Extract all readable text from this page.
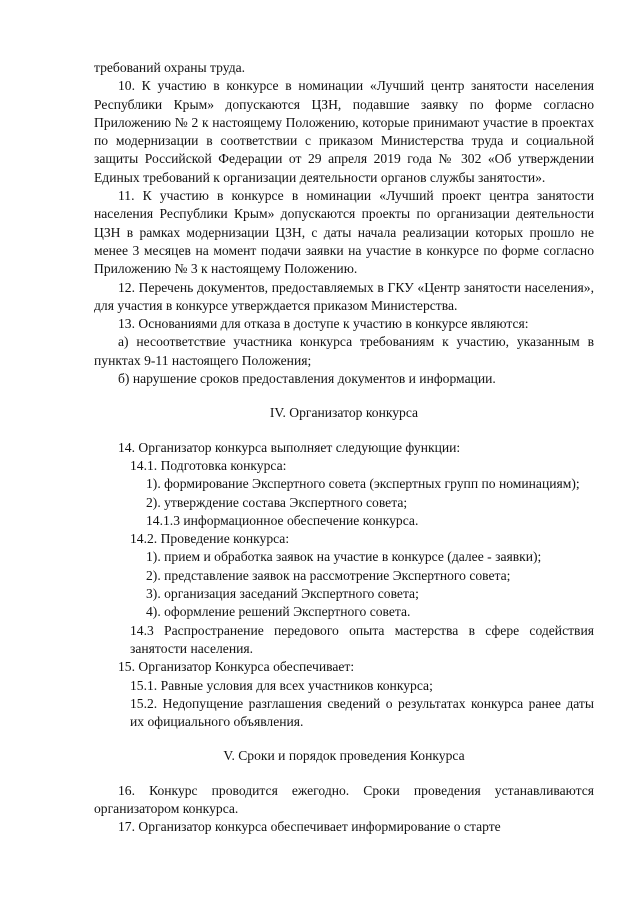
требований охраны труда.

10. К участию в конкурсе в номинации «Лучший центр занятости населения Республики Крым» допускаются ЦЗН, подавшие заявку по форме согласно Приложению № 2 к настоящему Положению, которые принимают участие в проектах по модернизации в соответствии с приказом Министерства труда и социальной защиты Российской Федерации от 29 апреля 2019 года № 302 «Об утверждении Единых требований к организации деятельности органов службы занятости».

11. К участию в конкурсе в номинации «Лучший проект центра занятости населения Республики Крым» допускаются проекты по организации деятельности ЦЗН в рамках модернизации ЦЗН, с даты начала реализации которых прошло не менее 3 месяцев на момент подачи заявки на участие в конкурсе по форме согласно Приложению № 3 к настоящему Положению.

12. Перечень документов, предоставляемых в ГКУ «Центр занятости населения», для участия в конкурсе утверждается приказом Министерства.

13. Основаниями для отказа в доступе к участию в конкурсе являются:

а) несоответствие участника конкурса требованиям к участию, указанным в пунктах 9-11 настоящего Положения;

б) нарушение сроков предоставления документов и информации.

IV. Организатор конкурса

14. Организатор конкурса выполняет следующие функции:

14.1. Подготовка конкурса:

1). формирование Экспертного совета (экспертных групп по номинациям);

2). утверждение состава Экспертного совета;

14.1.3 информационное обеспечение конкурса.

14.2. Проведение конкурса:

1). прием и обработка заявок на участие в конкурсе (далее - заявки);

2). представление заявок на рассмотрение Экспертного совета;

3). организация заседаний Экспертного совета;

4). оформление решений Экспертного совета.

14.3 Распространение передового опыта мастерства в сфере содействия занятости населения.

15. Организатор Конкурса обеспечивает:

15.1. Равные условия для всех участников конкурса;

15.2. Недопущение разглашения сведений о результатах конкурса ранее даты их официального объявления.

V. Сроки и порядок проведения Конкурса

16. Конкурс проводится ежегодно. Сроки проведения устанавливаются организатором конкурса.

17. Организатор конкурса обеспечивает информирование о старте
